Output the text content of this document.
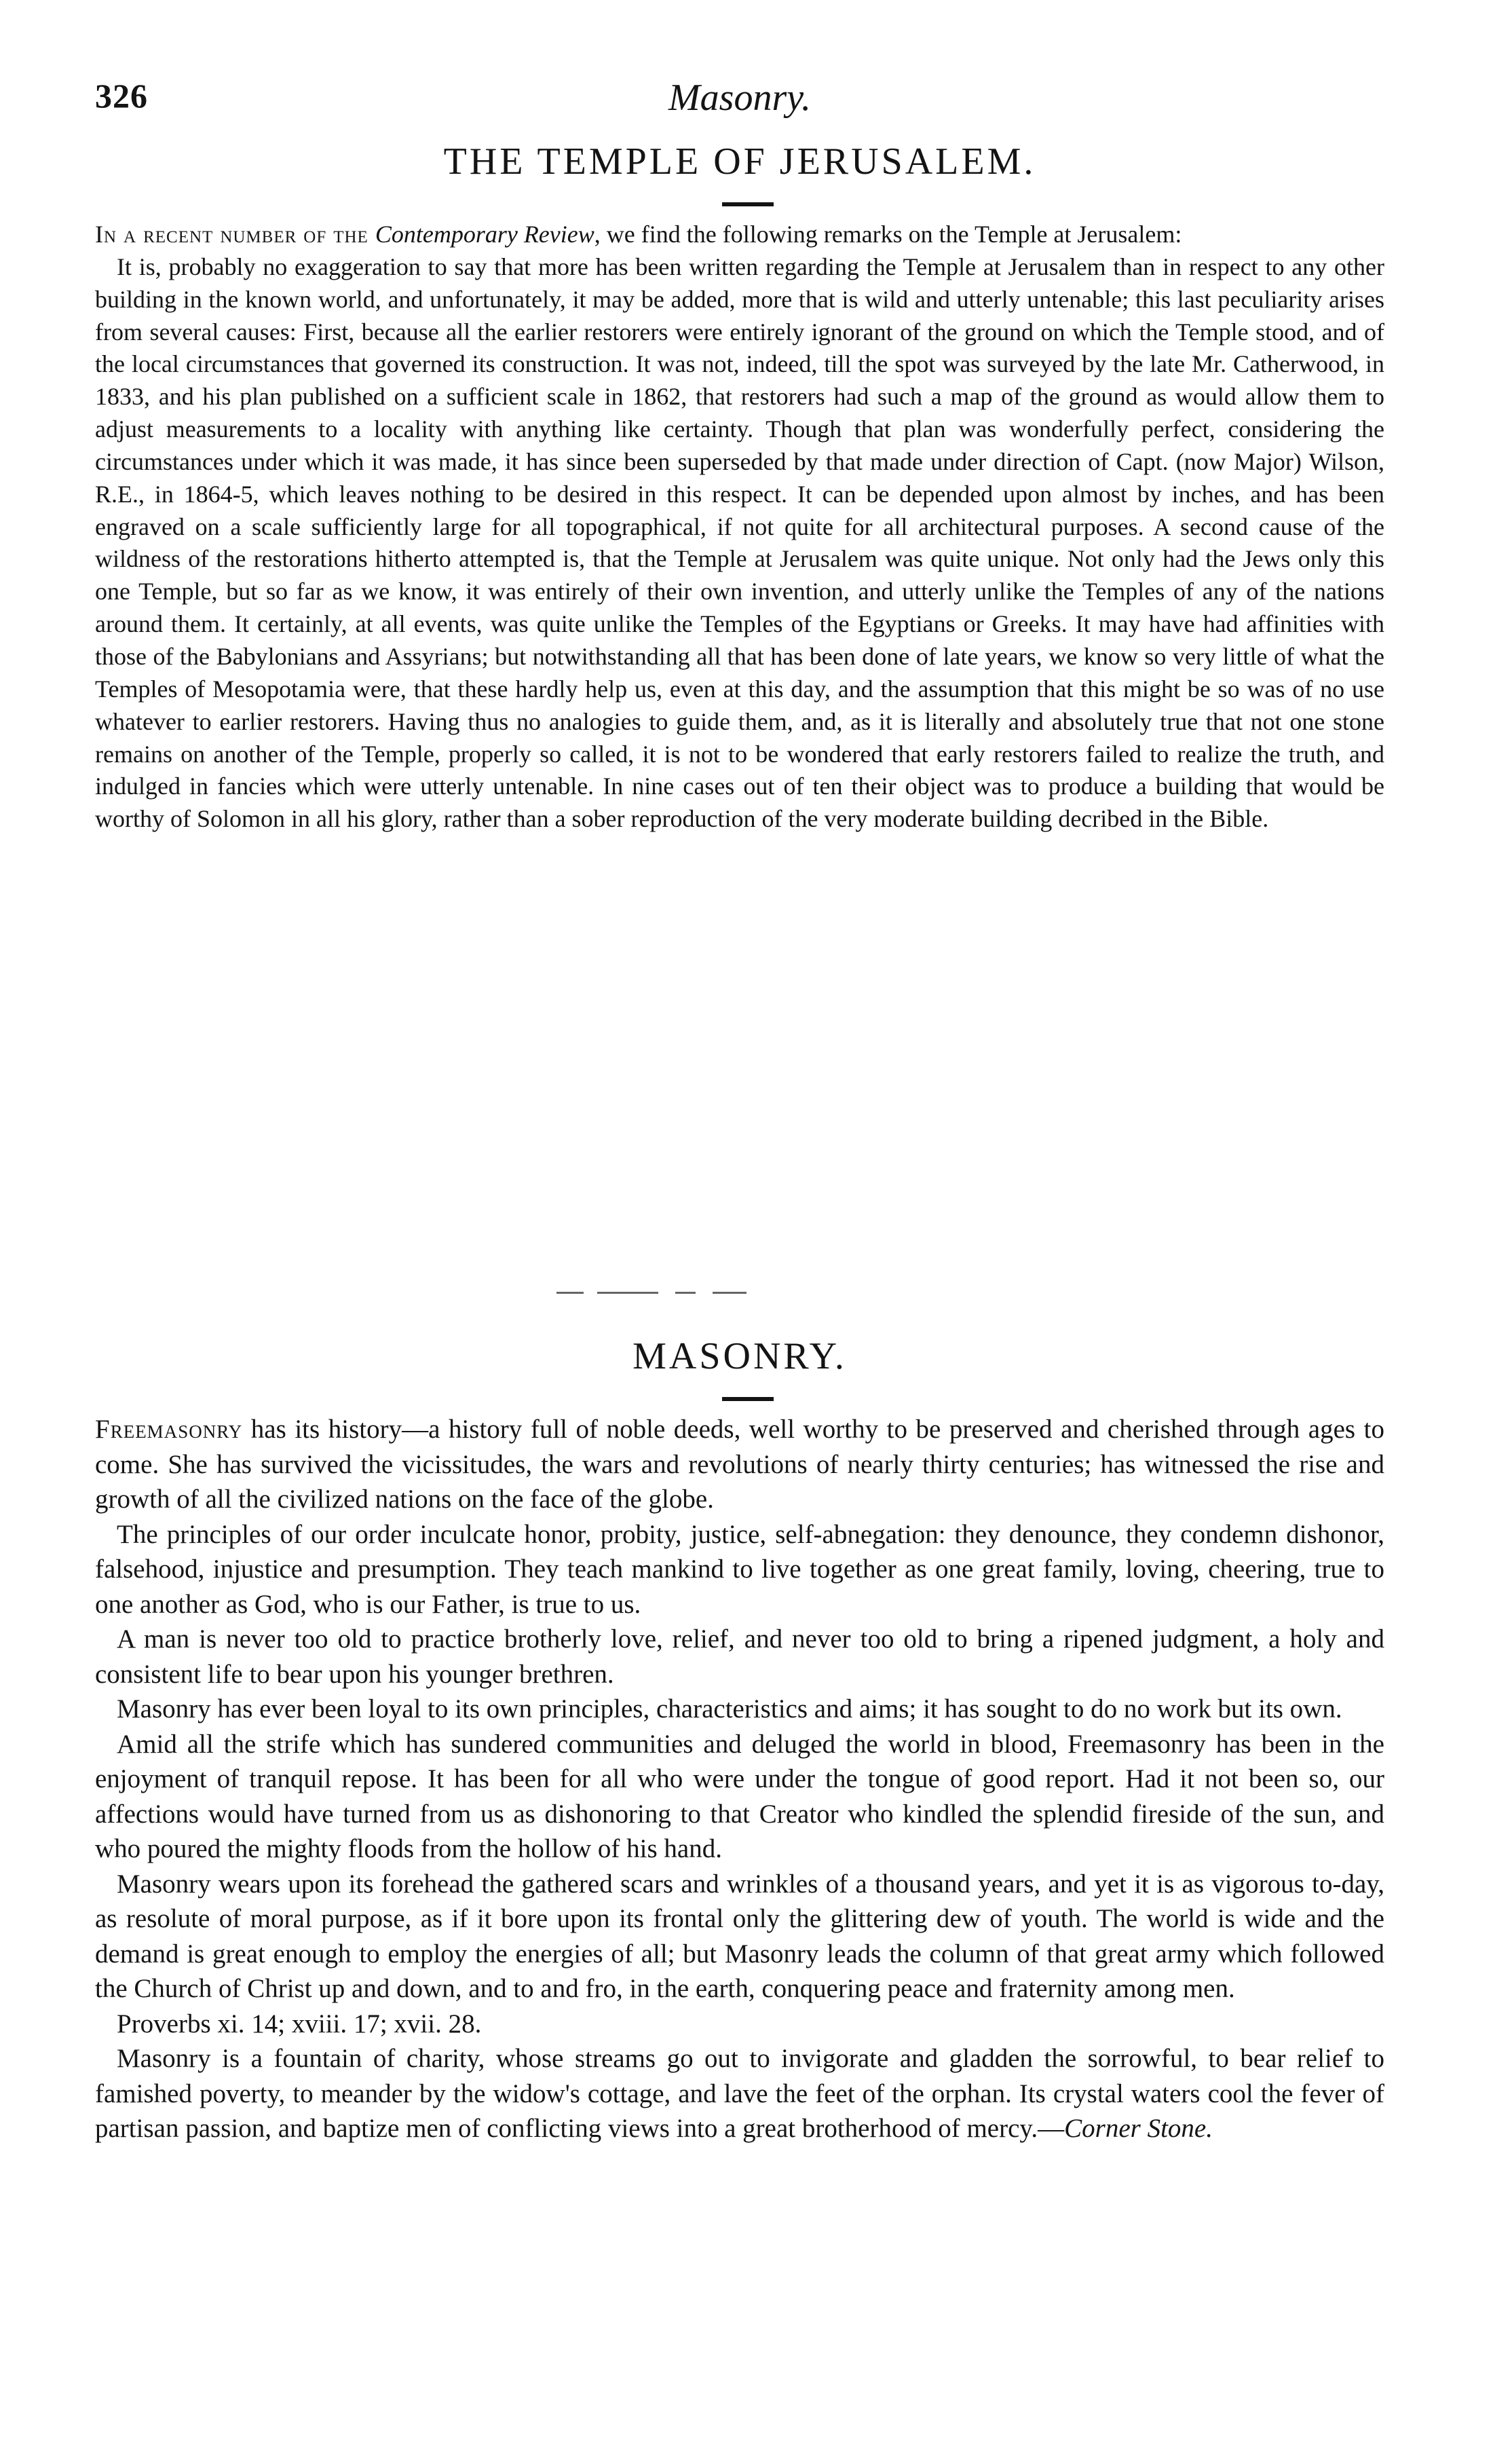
326	Masonry.
THE TEMPLE OF JERUSALEM.

In a recent number of the Contemporary Review, we find the following remarks on the Temple at Jerusalem:

It is, probably no exaggeration to say that more has been written regarding the Temple at Jerusalem than in respect to any other building in the known world, and unfortunately, it may be added, more that is wild and utterly untenable; this last peculiarity arises from several causes: First, because all the earlier restorers were entirely ignorant of the ground on which the Temple stood, and of the local circumstances that governed its construction. It was not, indeed, till the spot was surveyed by the late Mr. Catherwood, in 1833, and his plan published on a sufficient scale in 1862, that restorers had such a map of the ground as would allow them to adjust measurements to a locality with anything like certainty. Though that plan was wonderfully perfect, considering the circumstances under which it was made, it has since been superseded by that made under direction of Capt. (now Major) Wilson, R.E., in 1864-5, which leaves nothing to be desired in this respect. It can be depended upon almost by inches, and has been engraved on a scale sufficiently large for all topographical, if not quite for all architectural purposes. A second cause of the wildness of the restorations hitherto attempted is, that the Temple at Jerusalem was quite unique. Not only had the Jews only this one Temple, but so far as we know, it was entirely of their own invention, and utterly unlike the Temples of any of the nations around them. It certainly, at all events, was quite unlike the Temples of the Egyptians or Greeks. It may have had affinities with those of the Babylonians and Assyrians; but notwithstanding all that has been done of late years, we know so very little of what the Temples of Mesopotamia were, that these hardly help us, even at this day, and the assumption that this might be so was of no use whatever to earlier restorers. Having thus no analogies to guide them, and, as it is literally and absolutely true that not one stone remains on another of the Temple, properly so called, it is not to be wondered that early restorers failed to realize the truth, and indulged in fancies which were utterly untenable. In nine cases out of ten their object was to produce a building that would be worthy of Solomon in all his glory, rather than a sober reproduction of the very moderate building decribed in the Bible.

MASONRY.

Freemasonry has its history—a history full of noble deeds, well worthy to be preserved and cherished through ages to come. She has survived the vicissitudes, the wars and revolutions of nearly thirty centuries; has witnessed the rise and growth of all the civilized nations on the face of the globe.

The principles of our order inculcate honor, probity, justice, self-abnegation: they denounce, they condemn dishonor, falsehood, injustice and presumption. They teach mankind to live together as one great family, loving, cheering, true to one another as God, who is our Father, is true to us.

A man is never too old to practice brotherly love, relief, and never too old to bring a ripened judgment, a holy and consistent life to bear upon his younger brethren.

Masonry has ever been loyal to its own principles, characteristics and aims; it has sought to do no work but its own.

Amid all the strife which has sundered communities and deluged the world in blood, Freemasonry has been in the enjoyment of tranquil repose. It has been for all who were under the tongue of good report. Had it not been so, our affections would have turned from us as dishonoring to that Creator who kindled the splendid fireside of the sun, and who poured the mighty floods from the hollow of his hand.

Masonry wears upon its forehead the gathered scars and wrinkles of a thousand years, and yet it is as vigorous to-day, as resolute of moral purpose, as if it bore upon its frontal only the glittering dew of youth. The world is wide and the demand is great enough to employ the energies of all; but Masonry leads the column of that great army which followed the Church of Christ up and down, and to and fro, in the earth, conquering peace and fraternity among men.

Proverbs xi. 14; xviii. 17; xvii. 28.

Masonry is a fountain of charity, whose streams go out to invigorate and gladden the sorrowful, to bear relief to famished poverty, to meander by the widow's cottage, and lave the feet of the orphan. Its crystal waters cool the fever of partisan passion, and baptize men of conflicting views into a great brotherhood of mercy.—Corner Stone.
